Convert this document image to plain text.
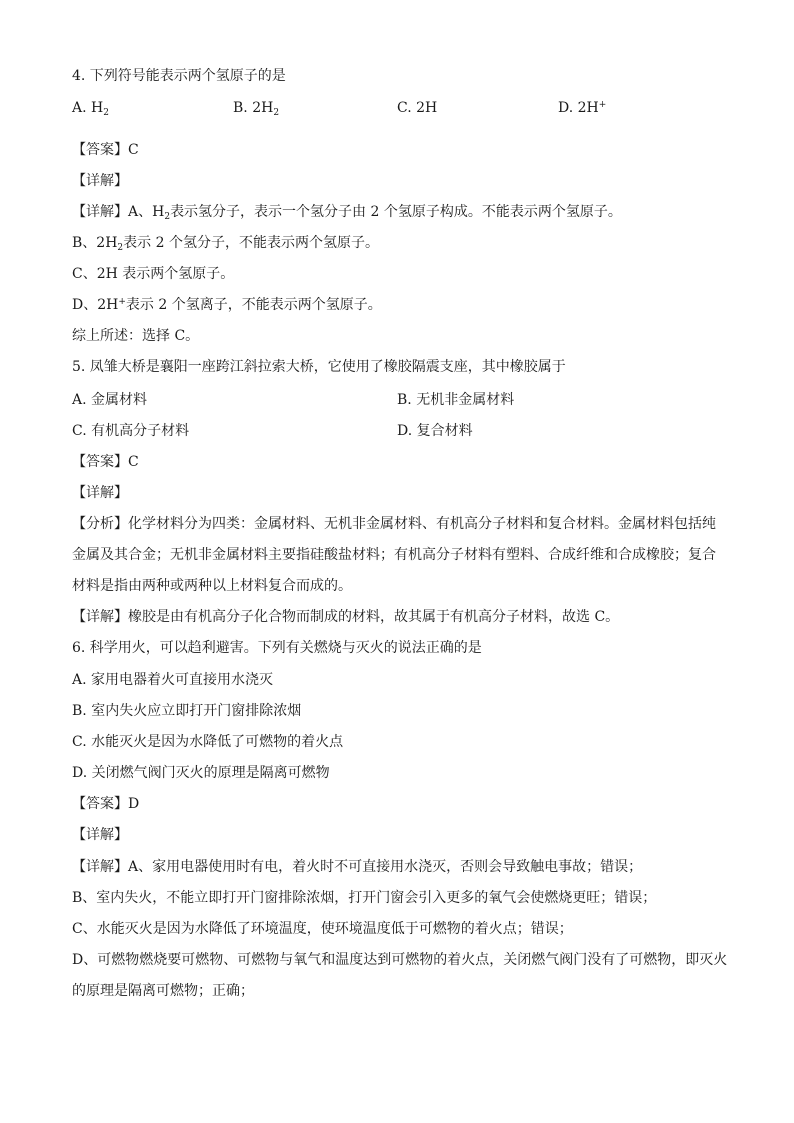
4. 下列符号能表示两个氢原子的是
A. $H_2$	B. $2H_2$	C. 2H	D. 2H+
【答案】C
【详解】
【详解】A、$H_2$表示氢分子，表示一个氢分子由 2 个氢原子构成。不能表示两个氢原子。
B、$2H_2$表示 2 个氢分子，不能表示两个氢原子。
C、2H 表示两个氢原子。
D、2H+表示 2 个氢离子，不能表示两个氢原子。
综上所述：选择 C。
5. 凤雏大桥是襄阳一座跨江斜拉索大桥，它使用了橡胶隔震支座，其中橡胶属于
A. 金属材料	B. 无机非金属材料
C. 有机高分子材料	D. 复合材料
【答案】C
【详解】
【分析】化学材料分为四类：金属材料、无机非金属材料、有机高分子材料和复合材料。金属材料包括纯
金属及其合金；无机非金属材料主要指硅酸盐材料；有机高分子材料有塑料、合成纤维和合成橡胶；复合
材料是指由两种或两种以上材料复合而成的。
【详解】橡胶是由有机高分子化合物而制成的材料，故其属于有机高分子材料，故选 C。
6. 科学用火，可以趋利避害。下列有关燃烧与灭火的说法正确的是
A. 家用电器着火可直接用水浇灭
B. 室内失火应立即打开门窗排除浓烟
C. 水能灭火是因为水降低了可燃物的着火点
D. 关闭燃气阀门灭火的原理是隔离可燃物
【答案】D
【详解】
【详解】A、家用电器使用时有电，着火时不可直接用水浇灭，否则会导致触电事故；错误；
B、室内失火，不能立即打开门窗排除浓烟，打开门窗会引入更多的氧气会使燃烧更旺；错误；
C、水能灭火是因为水降低了环境温度，使环境温度低于可燃物的着火点；错误；
D、可燃物燃烧要可燃物、可燃物与氧气和温度达到可燃物的着火点，关闭燃气阀门没有了可燃物，即灭火
的原理是隔离可燃物；正确；
